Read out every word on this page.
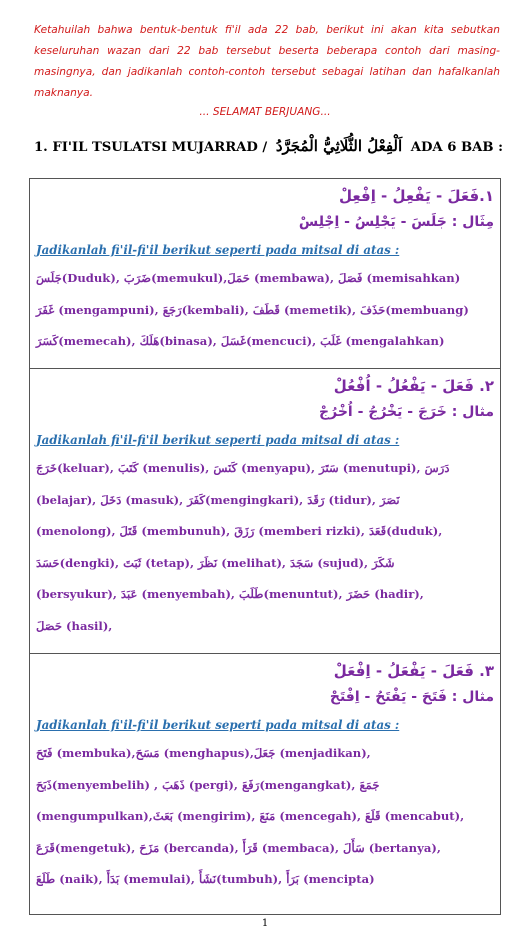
Ketahuilah bahwa bentuk-bentuk fi'il ada 22 bab, berikut ini akan kita sebutkan keseluruhan wazan dari 22 bab tersebut beserta beberapa contoh dari masing-masingnya, dan jadikanlah contoh-contoh tersebut sebagai latihan dan hafalkanlah maknanya.
... SELAMAT BERJUANG...
1. FI'IL TSULATSI MUJARRAD / اَلْفِعْلُ الثُّلَاثِيُّ الْمُجَرَّدُ ADA 6 BAB :
١.فَعَلَ - يَفْعِلُ - اِفْعِلْ
مِثَال : جَلَسَ - يَجْلِسُ - اِجْلِسْ
Jadikanlah fi'il-fi'il berikut seperti pada mitsal di atas :
جَلَسَ(Duduk), ضَرَبَ(memukul),حَمَلَ (membawa), فَصَلَ (memisahkan)
غَفَرَ (mengampuni), رَجَعَ(kembali), قَطَفَ (memetik), حَذَفَ(membuang)
كَسَرَ(memecah), هَلَكَ(binasa), غَسَلَ(mencuci), غَلَبَ (mengalahkan)
٢. فَعَلَ - يَفْعُلُ - اُفْعُلْ
مثال : خَرَجَ - يَخْرُجُ - اُخْرُجْ
Jadikanlah fi'il-fi'il berikut seperti pada mitsal di atas :
خَرَجَ(keluar), كَتَبَ (menulis), كَنَسَ (menyapu), سَتَرَ (menutupi), دَرَسَ
(belajar), دَخَلَ (masuk), كَفَرَ(mengingkari), رَقَدَ (tidur), نَصَرَ
(menolong), قَتَلَ (membunuh), رَزَقَ (memberi rizki), قَعَدَ(duduk),
حَسَدَ(dengki), ثَبَتَ (tetap), نَظَرَ (melihat), سَجَدَ (sujud), شَكَرَ
(bersyukur), عَبَدَ (menyembah), طَلَبَ(menuntut), حَضَرَ (hadir),
حَصَلَ (hasil),
٣. فَعَلَ - يَفْعَلُ - اِفْعَلْ
مثال : فَتَحَ - يَفْتَحُ - اِفْتَحْ
Jadikanlah fi'il-fi'il berikut seperti pada mitsal di atas :
فَتَحَ (membuka),مَسَحَ (menghapus),جَعَلَ (menjadikan),
ذَبَحَ(menyembelih) , ذَهَبَ (pergi), رَفَعَ(mengangkat), جَمَعَ
(mengumpulkan),بَعَثَ (mengirim), مَنَعَ (mencegah), قَلَعَ (mencabut),
قَرَعَ(mengetuk), مَزَحَ (bercanda), قَرَأَ (membaca), سَأَلَ (bertanya),
طَلَعَ (naik), بَدَأَ (memulai), نَشَأَ(tumbuh), بَرَأَ (mencipta)
1
